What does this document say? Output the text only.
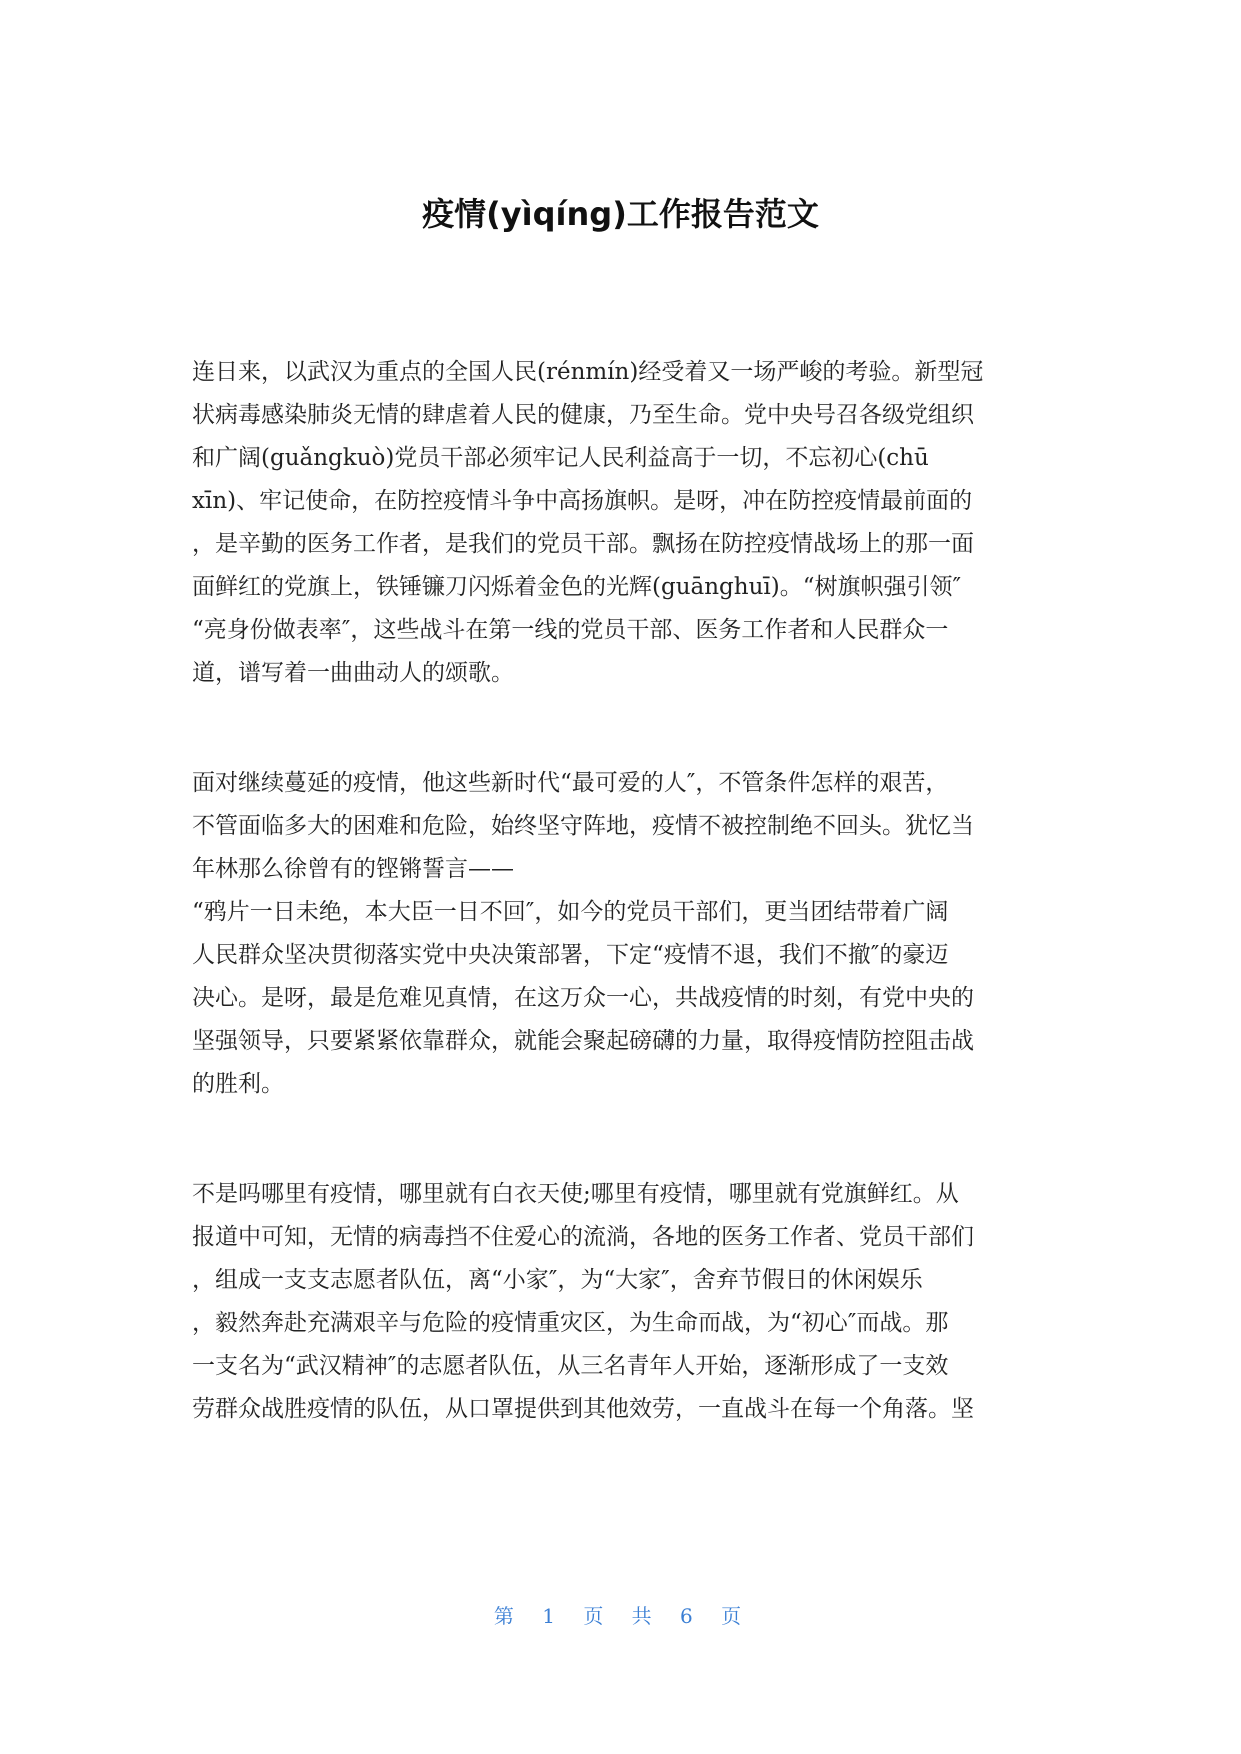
疫情(yìqíng)工作报告范文

连日来，以武汉为重点的全国人民(rénmín)经受着又一场严峻的考验。新型冠

状病毒感染肺炎无情的肆虐着人民的健康，乃至生命。党中央号召各级党组织

和广阔(guǎngkuò)党员干部必须牢记人民利益高于一切，不忘初心(chū

xīn)、牢记使命，在防控疫情斗争中高扬旗帜。是呀，冲在防控疫情最前面的

，是辛勤的医务工作者，是我们的党员干部。飘扬在防控疫情战场上的那一面

面鲜红的党旗上，铁锤镰刀闪烁着金色的光辉(guānghuī)。“树旗帜强引领″

“亮身份做表率″，这些战斗在第一线的党员干部、医务工作者和人民群众一

道，谱写着一曲曲动人的颂歌。

面对继续蔓延的疫情，他这些新时代“最可爱的人″，不管条件怎样的艰苦，

不管面临多大的困难和危险，始终坚守阵地，疫情不被控制绝不回头。犹忆当

年林那么徐曾有的铿锵誓言——

“鸦片一日未绝，本大臣一日不回″，如今的党员干部们，更当团结带着广阔

人民群众坚决贯彻落实党中央决策部署，下定“疫情不退，我们不撤″的豪迈

决心。是呀，最是危难见真情，在这万众一心，共战疫情的时刻，有党中央的

坚强领导，只要紧紧依靠群众，就能会聚起磅礴的力量，取得疫情防控阻击战

的胜利。

不是吗哪里有疫情，哪里就有白衣天使;哪里有疫情，哪里就有党旗鲜红。从

报道中可知，无情的病毒挡不住爱心的流淌，各地的医务工作者、党员干部们

，组成一支支志愿者队伍，离“小家″，为“大家″，舍弃节假日的休闲娱乐

，毅然奔赴充满艰辛与危险的疫情重灾区，为生命而战，为“初心″而战。那

一支名为“武汉精神″的志愿者队伍，从三名青年人开始，逐渐形成了一支效

劳群众战胜疫情的队伍，从口罩提供到其他效劳，一直战斗在每一个角落。坚

第 1 页 共 6 页
